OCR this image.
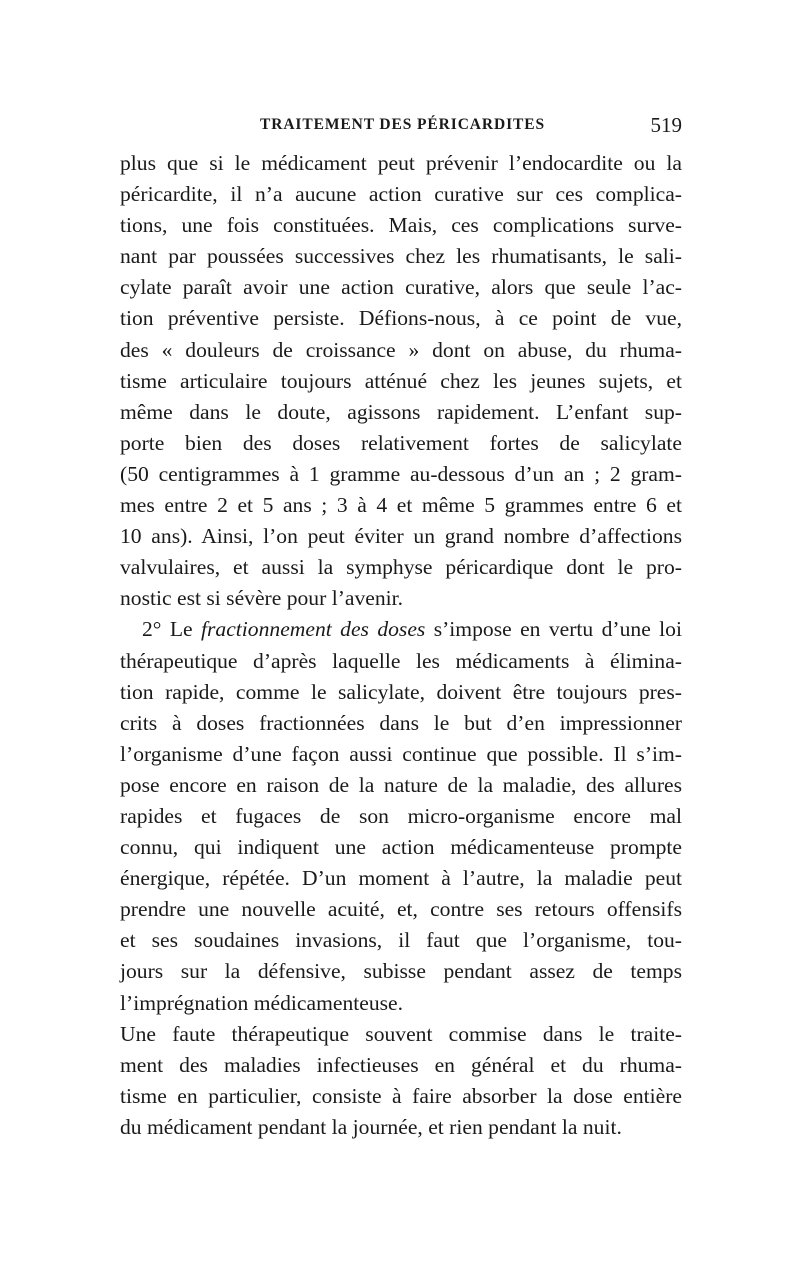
TRAITEMENT DES PÉRICARDITES	519

plus que si le médicament peut prévenir l’endocardite ou la
péricardite, il n’a aucune action curative sur ces complica-
tions, une fois constituées. Mais, ces complications surve-
nant par poussées successives chez les rhumatisants, le sali-
cylate paraît avoir une action curative, alors que seule l’ac-
tion préventive persiste. Défions-nous, à ce point de vue,
des « douleurs de croissance » dont on abuse, du rhuma-
tisme articulaire toujours atténué chez les jeunes sujets, et
même dans le doute, agissons rapidement. L’enfant sup-
porte bien des doses relativement fortes de salicylate
(50 centigrammes à 1 gramme au-dessous d’un an ; 2 gram-
mes entre 2 et 5 ans ; 3 à 4 et même 5 grammes entre 6 et
10 ans). Ainsi, l’on peut éviter un grand nombre d’affections
valvulaires, et aussi la symphyse péricardique dont le pro-
nostic est si sévère pour l’avenir.

2° Le fractionnement des doses s’impose en vertu d’une loi
thérapeutique d’après laquelle les médicaments à élimina-
tion rapide, comme le salicylate, doivent être toujours pres-
crits à doses fractionnées dans le but d’en impressionner
l’organisme d’une façon aussi continue que possible. Il s’im-
pose encore en raison de la nature de la maladie, des allures
rapides et fugaces de son micro-organisme encore mal
connu, qui indiquent une action médicamenteuse prompte
énergique, répétée. D’un moment à l’autre, la maladie peut
prendre une nouvelle acuité, et, contre ses retours offensifs
et ses soudaines invasions, il faut que l’organisme, tou-
jours sur la défensive, subisse pendant assez de temps
l’imprégnation médicamenteuse.

Une faute thérapeutique souvent commise dans le traite-
ment des maladies infectieuses en général et du rhuma-
tisme en particulier, consiste à faire absorber la dose entière
du médicament pendant la journée, et rien pendant la nuit.
